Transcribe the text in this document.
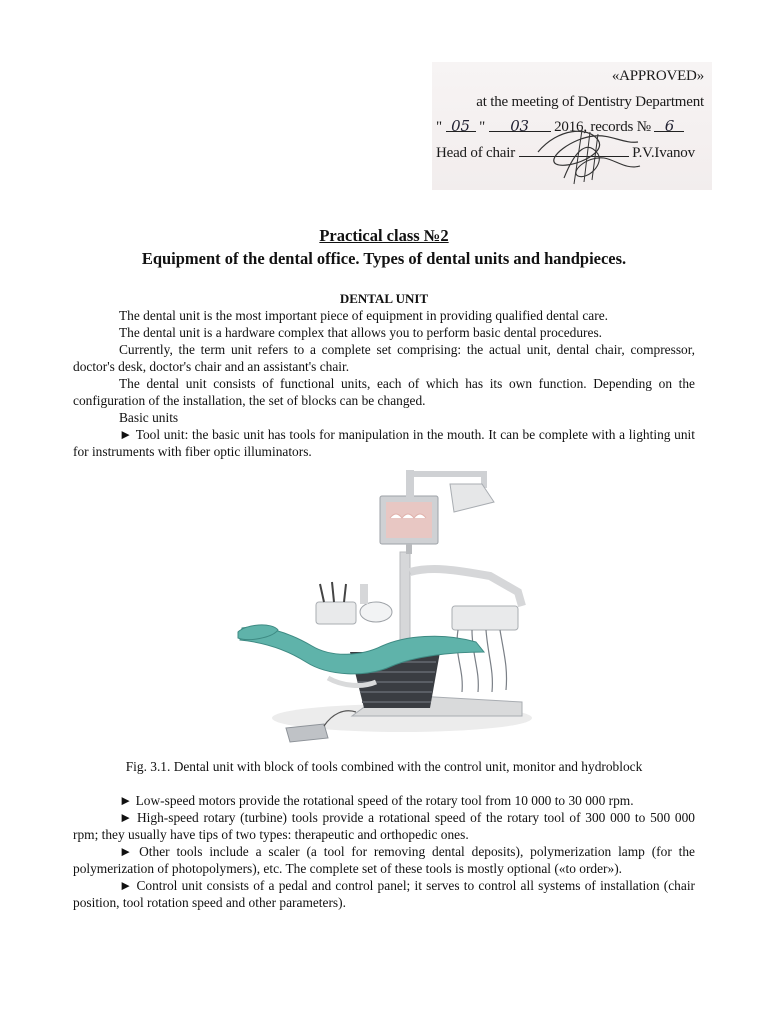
«APPROVED»
at the meeting of Dentistry Department
" 05 " 03 2016, records № 6
Head of chair	P.V.Ivanov
Practical class №2
Equipment of the dental office. Types of dental units and handpieces.
DENTAL UNIT

The dental unit is the most important piece of equipment in providing qualified dental care.

The dental unit is a hardware complex that allows you to perform basic dental procedures.

Currently, the term unit refers to a complete set comprising: the actual unit, dental chair, compressor, doctor's desk, doctor's chair and an assistant's chair.

The dental unit consists of functional units, each of which has its own function. Depending on the configuration of the installation, the set of blocks can be changed.

Basic units

► Tool unit: the basic unit has tools for manipulation in the mouth. It can be complete with a lighting unit for instruments with fiber optic illuminators.

Fig. 3.1. Dental unit with block of tools combined with the control unit, monitor and hydroblock

► Low-speed motors provide the rotational speed of the rotary tool from 10 000 to 30 000 rpm.

► High-speed rotary (turbine) tools provide a rotational speed of the rotary tool of 300 000 to 500 000 rpm; they usually have tips of two types: therapeutic and orthopedic ones.

► Other tools include a scaler (a tool for removing dental deposits), polymerization lamp (for the polymerization of photopolymers), etc. The complete set of these tools is mostly optional («to order»).

► Control unit consists of a pedal and control panel; it serves to control all systems of installation (chair position, tool rotation speed and other parameters).
